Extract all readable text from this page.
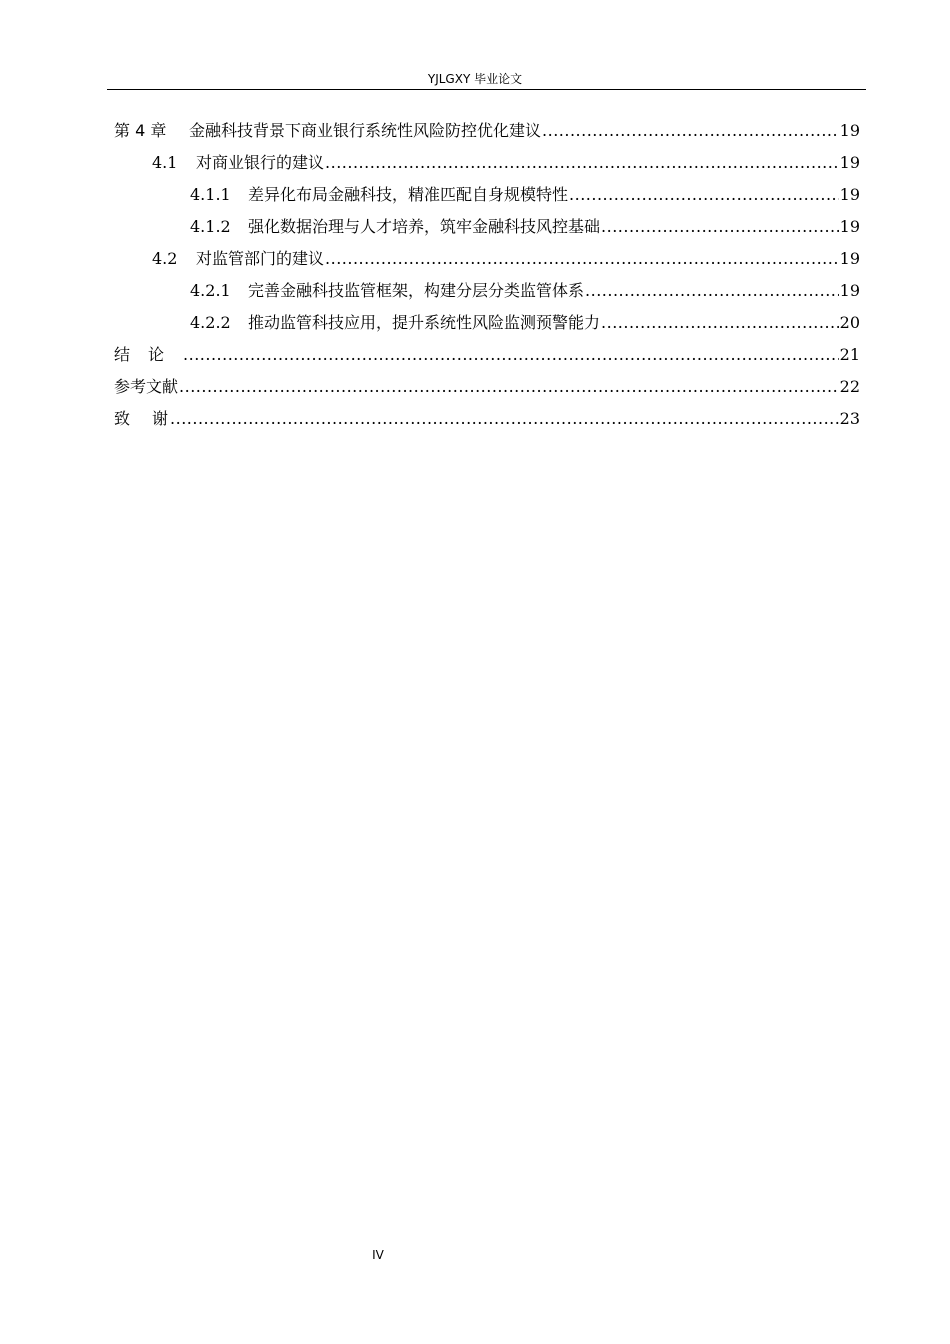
YJLGXY 毕业论文
第 4 章	金融科技背景下商业银行系统性风险防控优化建议 .....	19
4.1	对商业银行的建议 .....	19
4.1.1	差异化布局金融科技，精准匹配自身规模特性 .....	19
4.1.2	强化数据治理与人才培养，筑牢金融科技风控基础 .....	19
4.2	对监管部门的建议 .....	19
4.2.1	完善金融科技监管框架，构建分层分类监管体系 .....	19
4.2.2	推动监管科技应用，提升系统性风险监测预警能力 .....	20
结论 .....	21
参考文献 .....	22
致谢 .....	23
IV
